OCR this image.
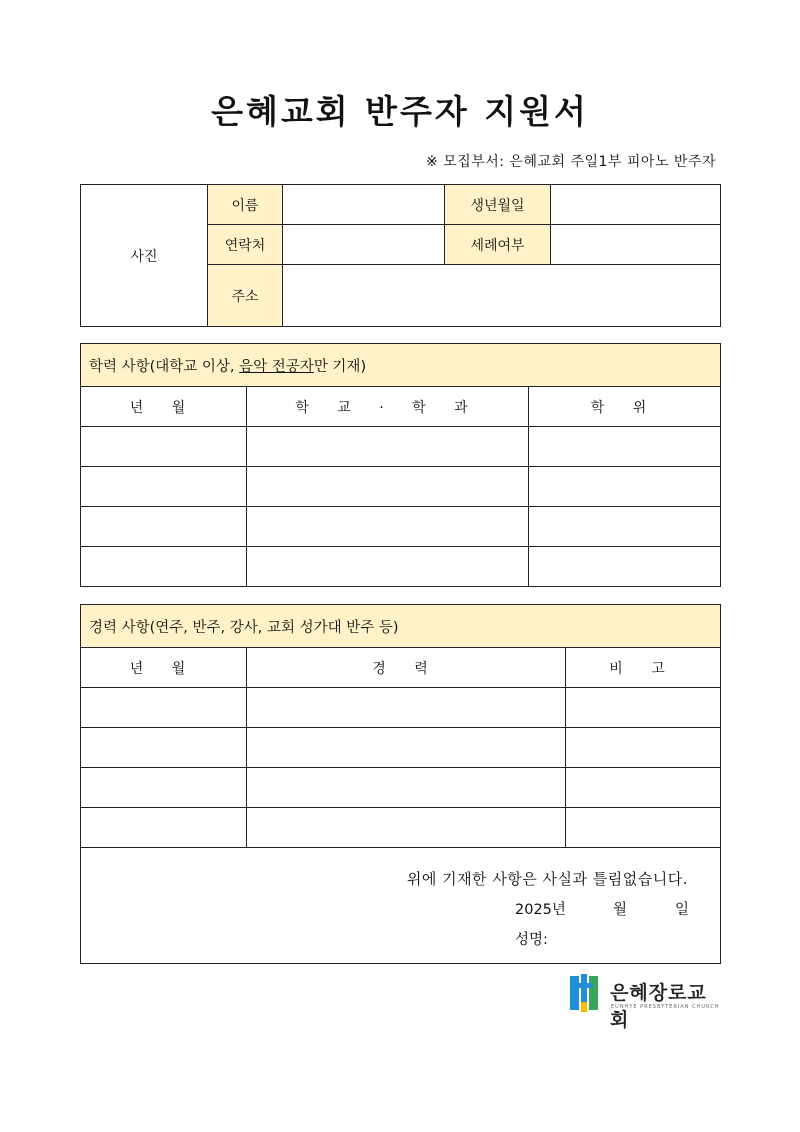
은혜교회 반주자 지원서
※ 모집부서: 은혜교회 주일1부 피아노 반주자
사진	이름		생년월일	
	연락처		세례여부	
	주소			
학력 사항(대학교 이상, 음악 전공자만 기재)		
년 월	학 교 · 학 과	학 위

경력 사항(연주, 반주, 강사, 교회 성가대 반주 등)		
년 월	경 력	비 고

위에 기재한 사항은 사실과 틀림없습니다.
2025년 월 일
성명:		
은혜장로교회
EUNHYE PRESBYTERIAN CHURCH
